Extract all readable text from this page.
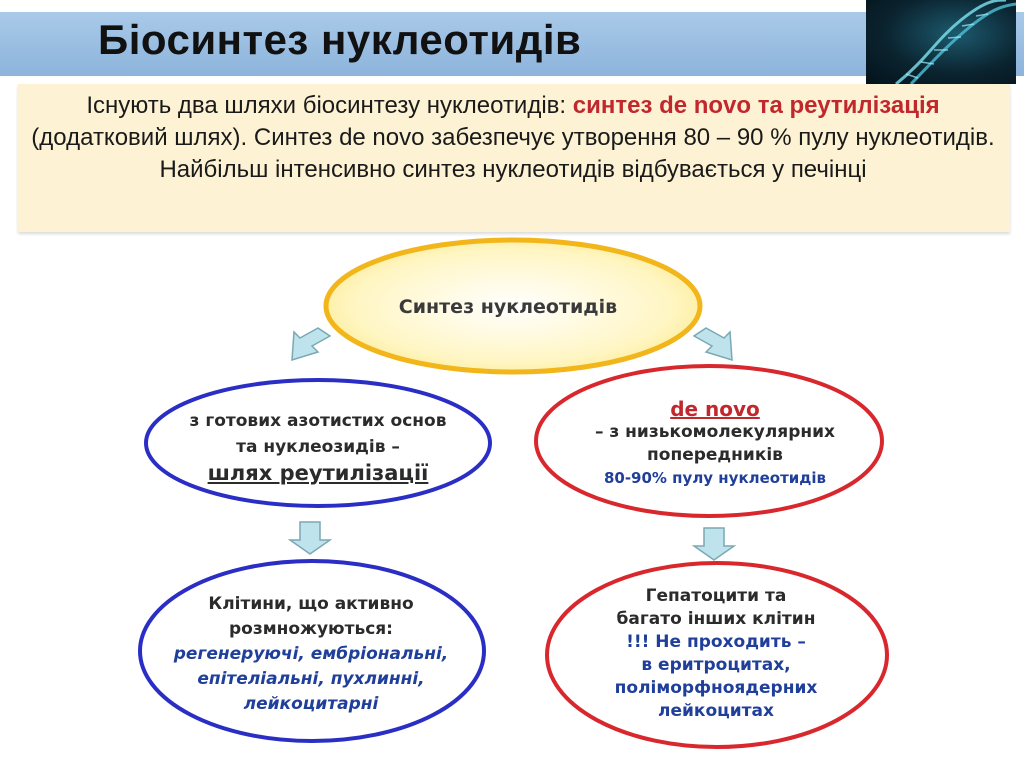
Біосинтез нуклеотидів
Існують два шляхи біосинтезу нуклеотидів: синтез de novo та реутилізація (додатковий шлях). Синтез de novo забезпечує утворення 80 – 90 % пулу нуклеотидів. Найбільш інтенсивно синтез нуклеотидів відбувається у печінці
Синтез нуклеотидів
з готових азотистих основ
та нуклеозидів –
шлях реутилізації
de novo
– з низькомолекулярних
попередників
80-90% пулу нуклеотидів
Клітини, що активно
розмножуються:
регенеруючі, ембріональні,
епітеліальні, пухлинні,
лейкоцитарні
Гепатоцити та
багато інших клітин
!!! Не проходить –
в еритроцитах,
поліморфноядерних
лейкоцитах
